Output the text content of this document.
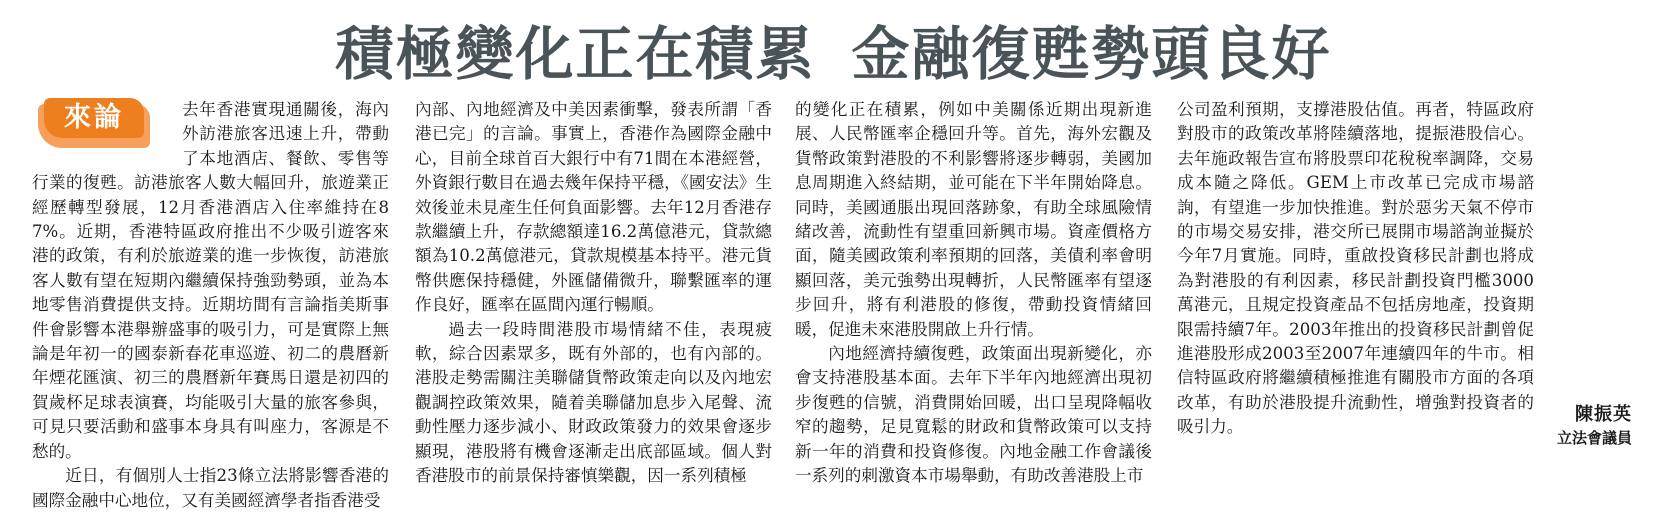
積極變化正在積累 金融復甦勢頭良好
來論	去年香港實現通關後，海內外訪港旅客迅速上升，帶動了本地酒店、餐飲、零售等行業的復甦。訪港旅客人數大幅回升，旅遊業正經歷轉型發展，12月香港酒店入住率維持在87%。近期，香港特區政府推出不少吸引遊客來港的政策，有利於旅遊業的進一步恢復，訪港旅客人數有望在短期內繼續保持強勁勢頭，並為本地零售消費提供支持。近期坊間有言論指美斯事件會影響本港舉辦盛事的吸引力，可是實際上無論是年初一的國泰新春花車巡遊、初二的農曆新年煙花匯演、初三的農曆新年賽馬日還是初四的賀歲杯足球表演賽，均能吸引大量的旅客參與，可見只要活動和盛事本身具有叫座力，客源是不愁的。

近日，有個別人士指23條立法將影響香港的國際金融中心地位，又有美國經濟學者指香港受

內部、內地經濟及中美因素衝擊，發表所謂「香港已完」的言論。事實上，香港作為國際金融中心，目前全球首百大銀行中有71間在本港經營，外資銀行數目在過去幾年保持平穩，《國安法》生效後並未見產生任何負面影響。去年12月香港存款繼續上升，存款總額達16.2萬億港元，貸款總額為10.2萬億港元，貸款規模基本持平。港元貨幣供應保持穩健，外匯儲備微升，聯繫匯率的運作良好，匯率在區間內運行暢順。

過去一段時間港股市場情緒不佳，表現疲軟，綜合因素眾多，既有外部的，也有內部的。港股走勢需關注美聯儲貨幣政策走向以及內地宏觀調控政策效果，隨着美聯儲加息步入尾聲、流動性壓力逐步減小、財政政策發力的效果會逐步顯現，港股將有機會逐漸走出底部區域。個人對香港股市的前景保持審慎樂觀，因一系列積極

的變化正在積累，例如中美關係近期出現新進展、人民幣匯率企穩回升等。首先，海外宏觀及貨幣政策對港股的不利影響將逐步轉弱，美國加息周期進入終結期，並可能在下半年開始降息。同時，美國通脹出現回落跡象，有助全球風險情緒改善，流動性有望重回新興市場。資產價格方面，隨美國政策利率預期的回落，美債利率會明顯回落，美元強勢出現轉折，人民幣匯率有望逐步回升，將有利港股的修復，帶動投資情緒回暖，促進未來港股開啟上升行情。

內地經濟持續復甦，政策面出現新變化，亦會支持港股基本面。去年下半年內地經濟出現初步復甦的信號，消費開始回暖，出口呈現降幅收窄的趨勢，足見寬鬆的財政和貨幣政策可以支持新一年的消費和投資修復。內地金融工作會議後一系列的刺激資本市場舉動，有助改善港股上市

公司盈利預期，支撐港股估值。再者，特區政府對股市的政策改革將陸續落地，提振港股信心。去年施政報告宣布將股票印花稅稅率調降，交易成本隨之降低。GEM上市改革已完成市場諮詢，有望進一步加快推進。對於惡劣天氣不停市的市場交易安排，港交所已展開市場諮詢並擬於今年7月實施。同時，重啟投資移民計劃也將成為對港股的有利因素，移民計劃投資門檻3000萬港元，且規定投資產品不包括房地產，投資期限需持續7年。2003年推出的投資移民計劃曾促進港股形成2003至2007年連續四年的牛市。相信特區政府將繼續積極推進有關股市方面的各項改革，有助於港股提升流動性，增強對投資者的吸引力。

陳振英
立法會議員
